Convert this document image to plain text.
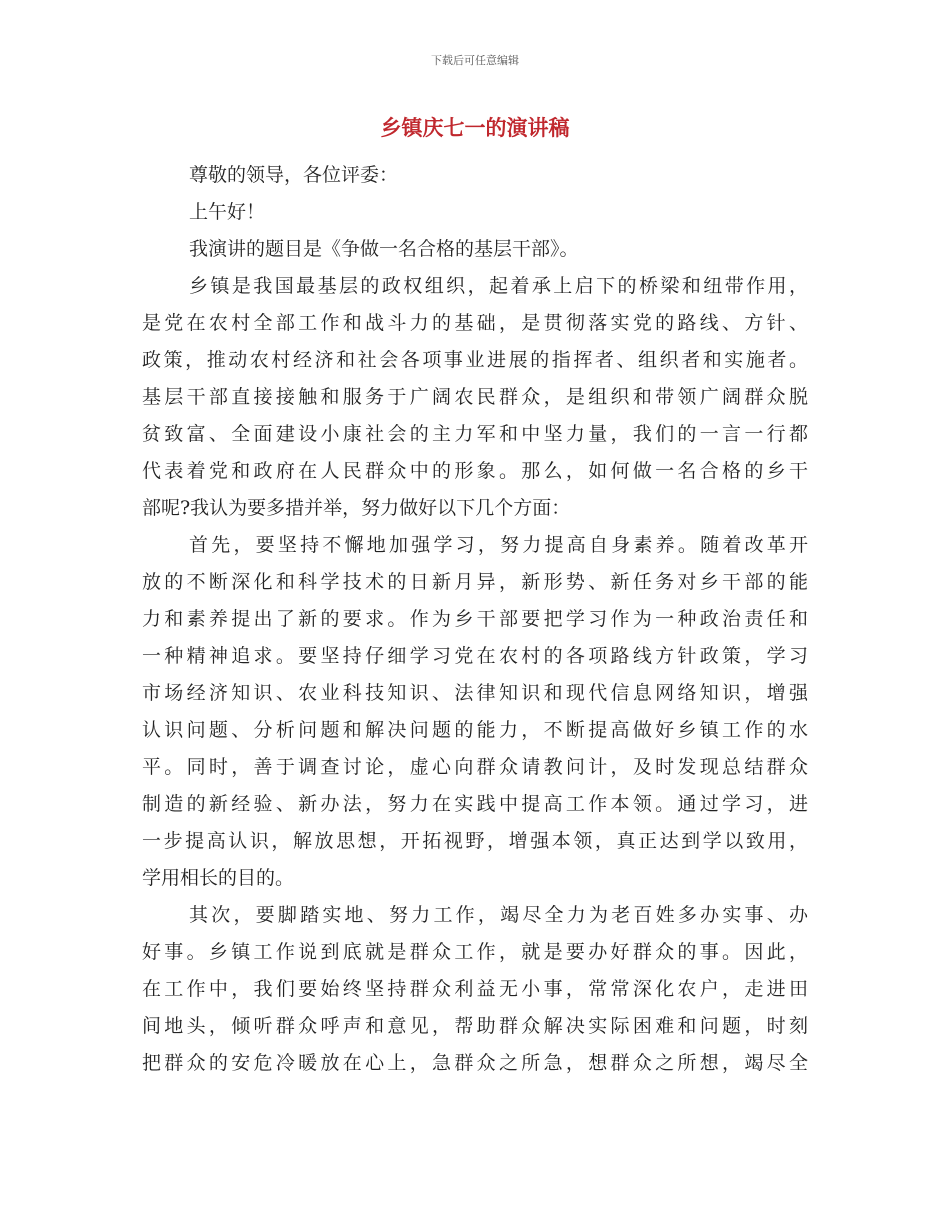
下载后可任意编辑
乡镇庆七一的演讲稿
尊敬的领导，各位评委：
上午好！
我演讲的题目是《争做一名合格的基层干部》。
乡镇是我国最基层的政权组织，起着承上启下的桥梁和纽带作用，
是党在农村全部工作和战斗力的基础，是贯彻落实党的路线、方针、
政策，推动农村经济和社会各项事业进展的指挥者、组织者和实施者。
基层干部直接接触和服务于广阔农民群众，是组织和带领广阔群众脱
贫致富、全面建设小康社会的主力军和中坚力量，我们的一言一行都
代表着党和政府在人民群众中的形象。那么，如何做一名合格的乡干
部呢?我认为要多措并举，努力做好以下几个方面：
首先，要坚持不懈地加强学习，努力提高自身素养。随着改革开
放的不断深化和科学技术的日新月异，新形势、新任务对乡干部的能
力和素养提出了新的要求。作为乡干部要把学习作为一种政治责任和
一种精神追求。要坚持仔细学习党在农村的各项路线方针政策，学习
市场经济知识、农业科技知识、法律知识和现代信息网络知识，增强
认识问题、分析问题和解决问题的能力，不断提高做好乡镇工作的水
平。同时，善于调查讨论，虚心向群众请教问计，及时发现总结群众
制造的新经验、新办法，努力在实践中提高工作本领。通过学习，进
一步提高认识，解放思想，开拓视野，增强本领，真正达到学以致用，
学用相长的目的。
其次，要脚踏实地、努力工作，竭尽全力为老百姓多办实事、办
好事。乡镇工作说到底就是群众工作，就是要办好群众的事。因此，
在工作中，我们要始终坚持群众利益无小事，常常深化农户，走进田
间地头，倾听群众呼声和意见，帮助群众解决实际困难和问题，时刻
把群众的安危冷暖放在心上，急群众之所急，想群众之所想，竭尽全
